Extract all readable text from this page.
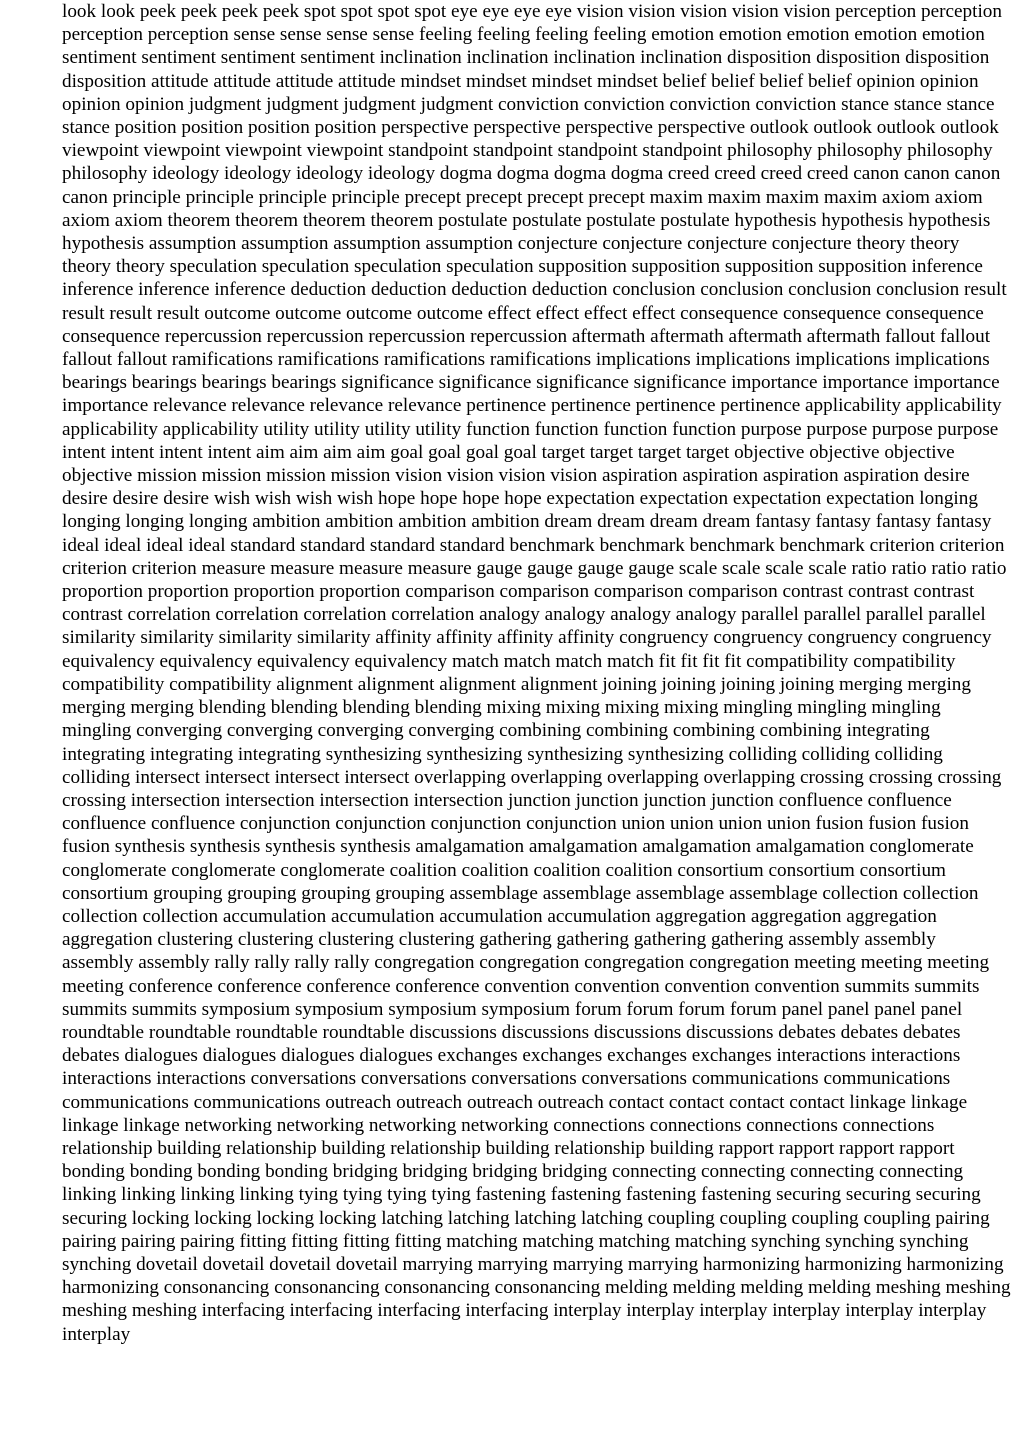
look look peek peek peek peek spot spot spot spot eye eye eye eye vision vision vision vision vision perception perception perception perception sense sense sense sense feeling feeling feeling feeling emotion emotion emotion emotion emotion sentiment sentiment sentiment sentiment inclination inclination inclination inclination disposition disposition disposition disposition attitude attitude attitude attitude mindset mindset mindset mindset belief belief belief belief opinion opinion opinion opinion judgment judgment judgment judgment conviction conviction conviction conviction stance stance stance stance position position position position perspective perspective perspective perspective outlook outlook outlook outlook viewpoint viewpoint viewpoint viewpoint standpoint standpoint standpoint standpoint philosophy philosophy philosophy philosophy ideology ideology ideology ideology dogma dogma dogma dogma creed creed creed creed canon canon canon canon principle principle principle principle precept precept precept precept maxim maxim maxim maxim axiom axiom axiom axiom theorem theorem theorem theorem postulate postulate postulate postulate hypothesis hypothesis hypothesis hypothesis assumption assumption assumption assumption conjecture conjecture conjecture conjecture theory theory theory theory speculation speculation speculation speculation supposition supposition supposition supposition inference inference inference inference deduction deduction deduction deduction conclusion conclusion conclusion conclusion result result result result outcome outcome outcome outcome effect effect effect effect consequence consequence consequence consequence repercussion repercussion repercussion repercussion aftermath aftermath aftermath aftermath fallout fallout fallout fallout ramifications ramifications ramifications ramifications implications implications implications implications bearings bearings bearings bearings significance significance significance significance importance importance importance importance relevance relevance relevance relevance pertinence pertinence pertinence pertinence applicability applicability applicability applicability utility utility utility utility function function function function purpose purpose purpose purpose intent intent intent intent aim aim aim aim goal goal goal goal target target target target objective objective objective objective mission mission mission mission vision vision vision vision aspiration aspiration aspiration aspiration desire desire desire desire wish wish wish wish hope hope hope hope expectation expectation expectation expectation longing longing longing longing ambition ambition ambition ambition dream dream dream dream fantasy fantasy fantasy fantasy ideal ideal ideal ideal standard standard standard standard benchmark benchmark benchmark benchmark criterion criterion criterion criterion measure measure measure measure gauge gauge gauge gauge scale scale scale scale ratio ratio ratio ratio proportion proportion proportion proportion comparison comparison comparison comparison contrast contrast contrast contrast correlation correlation correlation correlation analogy analogy analogy analogy parallel parallel parallel parallel similarity similarity similarity similarity affinity affinity affinity affinity congruency congruency congruency congruency equivalency equivalency equivalency equivalency match match match match fit fit fit fit compatibility compatibility compatibility compatibility alignment alignment alignment alignment joining joining joining joining merging merging merging merging blending blending blending blending mixing mixing mixing mixing mingling mingling mingling mingling converging converging converging converging combining combining combining combining integrating integrating integrating integrating synthesizing synthesizing synthesizing synthesizing colliding colliding colliding colliding intersect intersect intersect intersect overlapping overlapping overlapping overlapping crossing crossing crossing crossing intersection intersection intersection intersection junction junction junction junction confluence confluence confluence confluence conjunction conjunction conjunction conjunction union union union union fusion fusion fusion fusion synthesis synthesis synthesis synthesis amalgamation amalgamation amalgamation amalgamation conglomerate conglomerate conglomerate conglomerate coalition coalition coalition coalition consortium consortium consortium consortium grouping grouping grouping grouping assemblage assemblage assemblage assemblage collection collection collection collection accumulation accumulation accumulation accumulation aggregation aggregation aggregation aggregation clustering clustering clustering clustering gathering gathering gathering gathering assembly assembly assembly assembly rally rally rally rally congregation congregation congregation congregation meeting meeting meeting meeting conference conference conference conference convention convention convention convention summits summits summits summits symposium symposium symposium symposium forum forum forum forum panel panel panel panel roundtable roundtable roundtable roundtable discussions discussions discussions discussions debates debates debates debates dialogues dialogues dialogues dialogues exchanges exchanges exchanges exchanges interactions interactions interactions interactions conversations conversations conversations conversations communications communications communications communications outreach outreach outreach outreach contact contact contact contact linkage linkage linkage linkage networking networking networking networking connections connections connections connections relationship building relationship building relationship building relationship building rapport rapport rapport rapport bonding bonding bonding bonding bridging bridging bridging bridging connecting connecting connecting connecting linking linking linking linking tying tying tying tying fastening fastening fastening fastening securing securing securing securing locking locking locking locking latching latching latching latching coupling coupling coupling coupling pairing pairing pairing pairing fitting fitting fitting fitting matching matching matching matching synching synching synching synching dovetail dovetail dovetail dovetail marrying marrying marrying marrying harmonizing harmonizing harmonizing harmonizing consonancing consonancing consonancing consonancing melding melding melding melding meshing meshing meshing meshing interfacing interfacing interfacing interfacing interplay interplay interplay interplay interplay interplay interplay
